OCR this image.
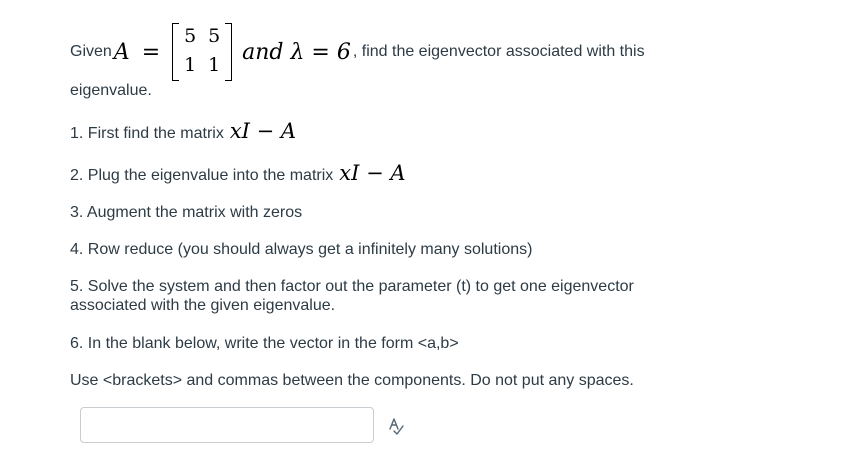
Given A =
5 5
1 1
and λ = 6 , find the eigenvector associated with this
eigenvalue.
1. First find the matrix xI − A
2. Plug the eigenvalue into the matrix xI − A
3. Augment the matrix with zeros
4. Row reduce (you should always get a infinitely many solutions)
5. Solve the system and then factor out the parameter (t) to get one eigenvector
associated with the given eigenvalue.
6. In the blank below, write the vector in the form <a,b>
Use <brackets> and commas between the components. Do not put any spaces.
